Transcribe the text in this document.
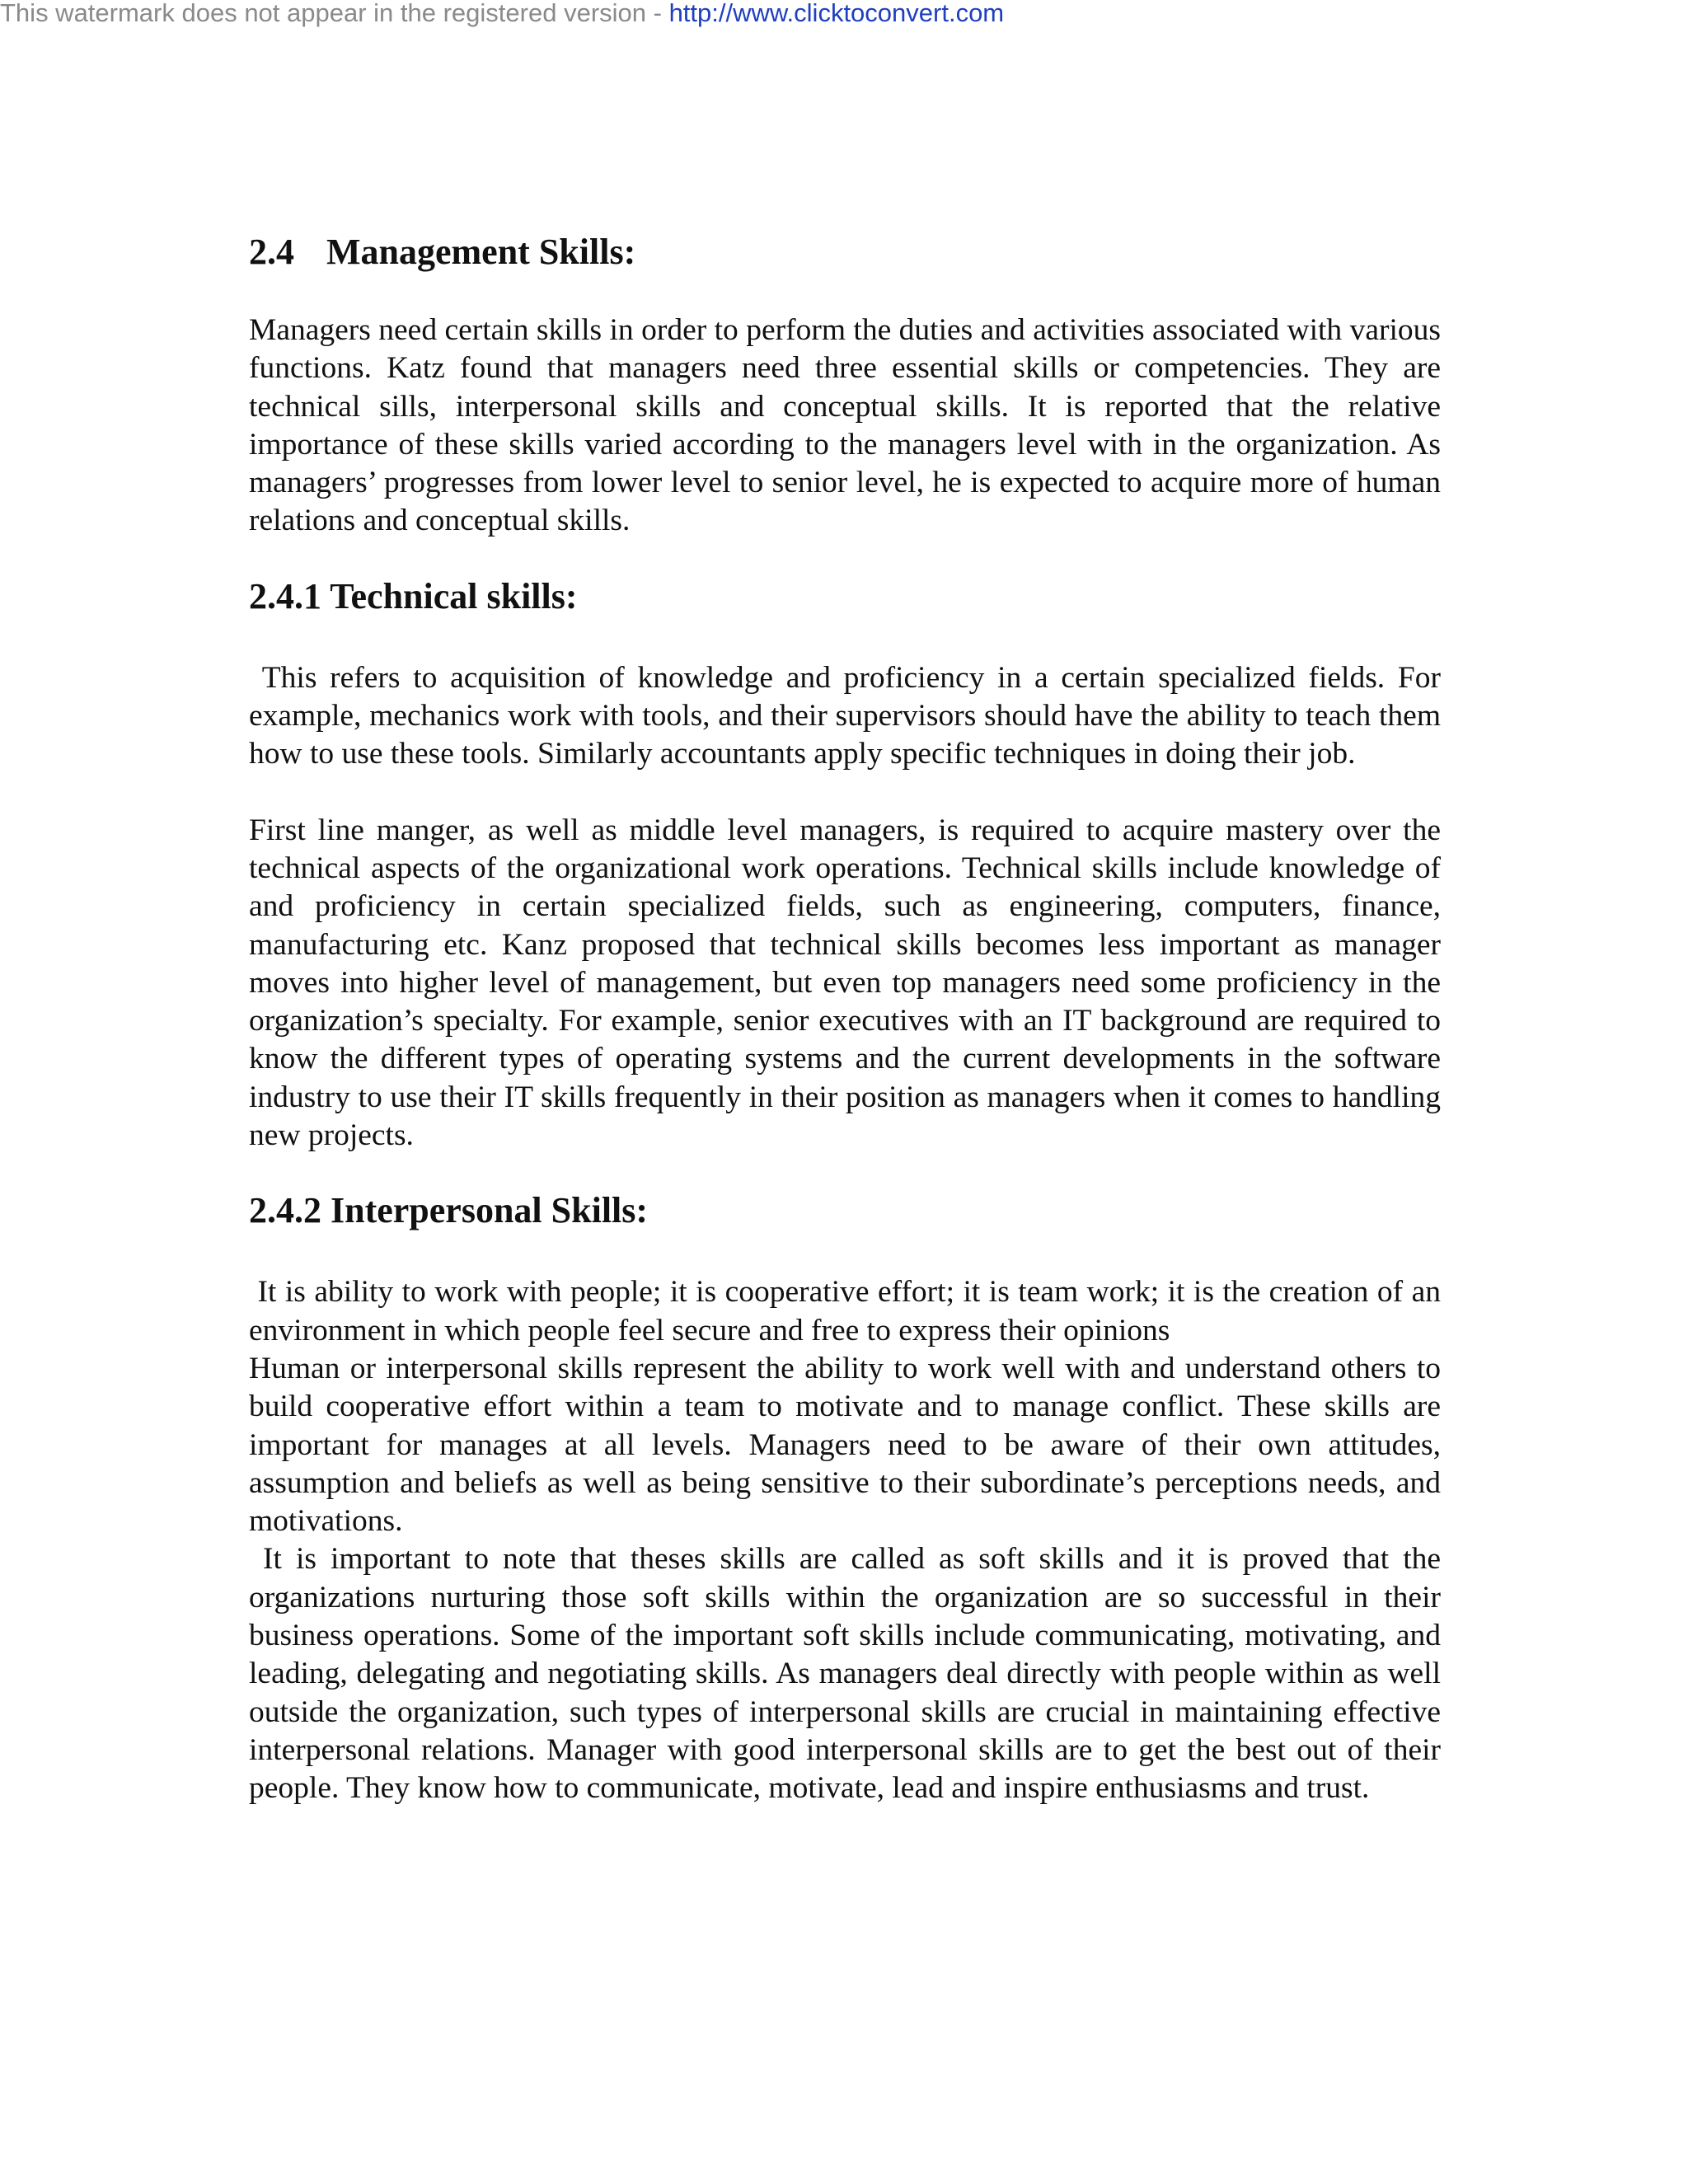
This watermark does not appear in the registered version - http://www.clicktoconvert.com
2.4 Management Skills:

Managers need certain skills in order to perform the duties and activities associated with various functions. Katz found that managers need three essential skills or competencies. They are technical sills, interpersonal skills and conceptual skills. It is reported that the relative importance of these skills varied according to the managers level with in the organization. As managers’ progresses from lower level to senior level, he is expected to acquire more of human relations and conceptual skills.

2.4.1 Technical skills:

This refers to acquisition of knowledge and proficiency in a certain specialized fields. For example, mechanics work with tools, and their supervisors should have the ability to teach them how to use these tools. Similarly accountants apply specific techniques in doing their job.

First line manger, as well as middle level managers, is required to acquire mastery over the technical aspects of the organizational work operations. Technical skills include knowledge of and proficiency in certain specialized fields, such as engineering, computers, finance, manufacturing etc. Kanz proposed that technical skills becomes less important as manager moves into higher level of management, but even top managers need some proficiency in the organization’s specialty. For example, senior executives with an IT background are required to know the different types of operating systems and the current developments in the software industry to use their IT skills frequently in their position as managers when it comes to handling new projects.

2.4.2 Interpersonal Skills:

It is ability to work with people; it is cooperative effort; it is team work; it is the creation of an environment in which people feel secure and free to express their opinions

Human or interpersonal skills represent the ability to work well with and understand others to build cooperative effort within a team to motivate and to manage conflict. These skills are important for manages at all levels. Managers need to be aware of their own attitudes, assumption and beliefs as well as being sensitive to their subordinate’s perceptions needs, and motivations.

It is important to note that theses skills are called as soft skills and it is proved that the organizations nurturing those soft skills within the organization are so successful in their business operations. Some of the important soft skills include communicating, motivating, and leading, delegating and negotiating skills. As managers deal directly with people within as well outside the organization, such types of interpersonal skills are crucial in maintaining effective interpersonal relations. Manager with good interpersonal skills are to get the best out of their people. They know how to communicate, motivate, lead and inspire enthusiasms and trust.
